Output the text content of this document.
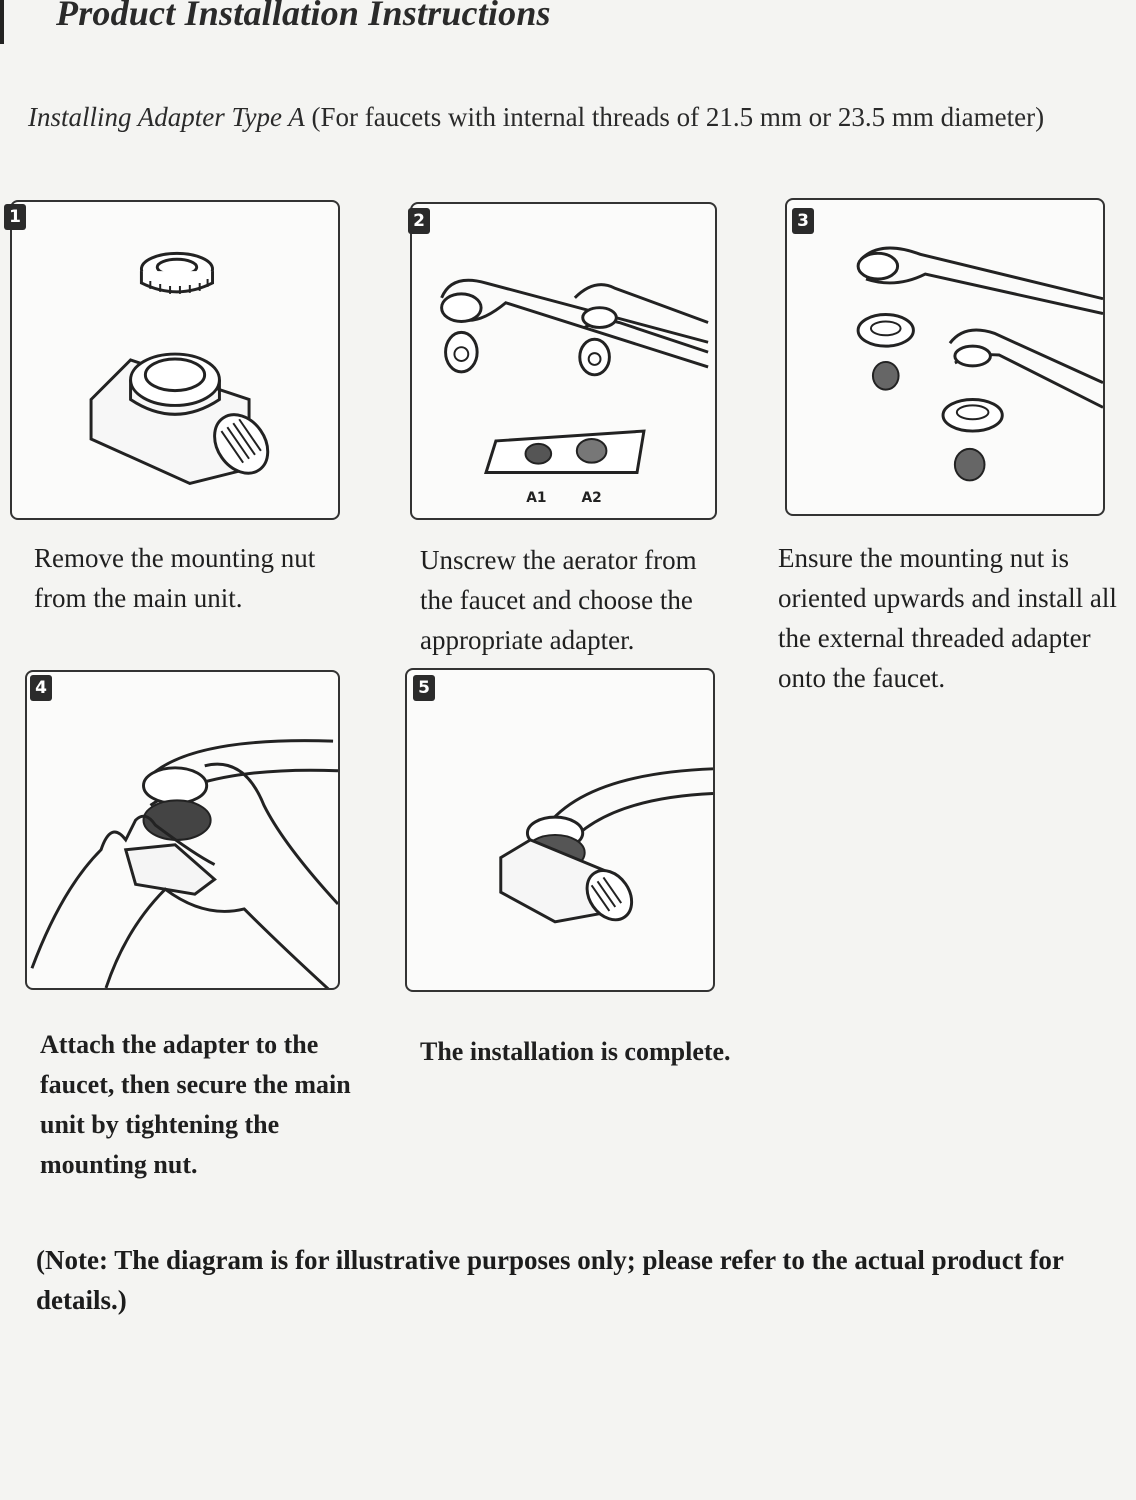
Product Installation Instructions
Installing Adapter Type A (For faucets with internal threads of 21.5 mm or 23.5 mm diameter)
1
A1 A2
2	3
Remove the mounting nut from the main unit.
Unscrew the aerator from the faucet and choose the appropriate adapter.
Ensure the mounting nut is oriented upwards and install all the external threaded adapter onto the faucet.
4	5
Attach the adapter to the faucet, then secure the main unit by tightening the mounting nut.
The installation is complete.
(Note: The diagram is for illustrative purposes only; please refer to the actual product for details.)
